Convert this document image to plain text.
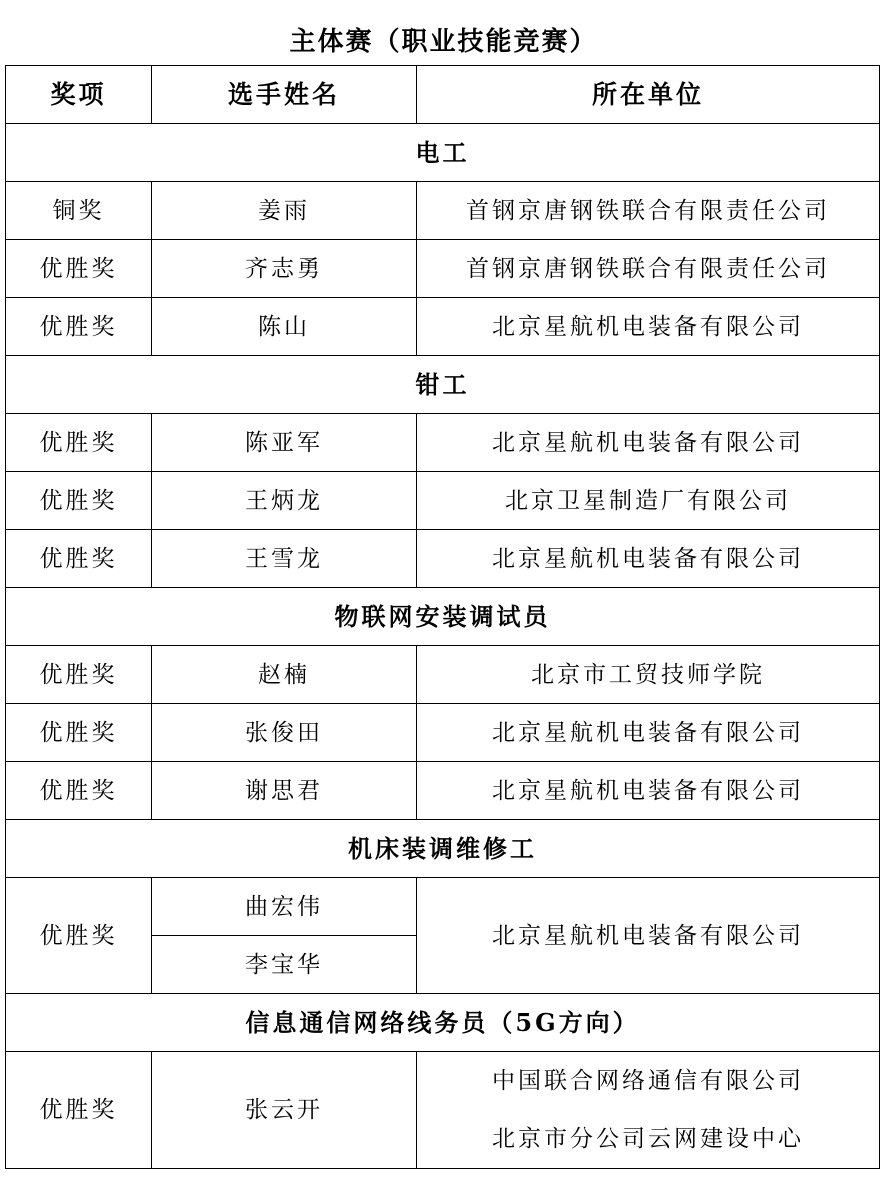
主体赛（职业技能竞赛）
奖项	选手姓名	所在单位
电工		
铜奖	姜雨	首钢京唐钢铁联合有限责任公司
优胜奖	齐志勇	首钢京唐钢铁联合有限责任公司
优胜奖	陈山	北京星航机电装备有限公司
钳工		
优胜奖	陈亚军	北京星航机电装备有限公司
优胜奖	王炳龙	北京卫星制造厂有限公司
优胜奖	王雪龙	北京星航机电装备有限公司
物联网安装调试员		
优胜奖	赵楠	北京市工贸技师学院
优胜奖	张俊田	北京星航机电装备有限公司
优胜奖	谢思君	北京星航机电装备有限公司
机床装调维修工		
优胜奖	曲宏伟	北京星航机电装备有限公司
	李宝华	
信息通信网络线务员（5G方向）		
优胜奖	张云开	中国联合网络通信有限公司
北京市分公司云网建设中心
